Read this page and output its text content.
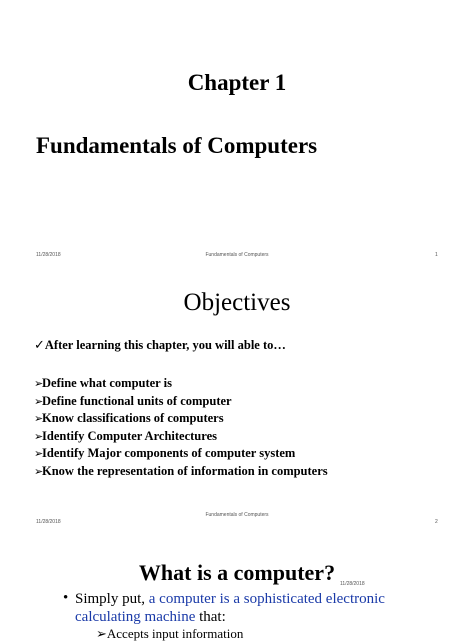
Chapter 1
Fundamentals of Computers
11/28/2018	Fundamentals of Computers	1
Objectives
✓After learning this chapter, you will able to…
➢Define what computer is
➢Define functional units of computer
➢Know classifications of computers
➢Identify Computer Architectures
➢Identify Major components of computer system
➢Know the representation of information in computers
Fundamentals of Computers
11/28/2018	2
What is a computer? 11/28/2018
• Simply put, a computer is a sophisticated electronic calculating machine that:
➢Accepts input information
